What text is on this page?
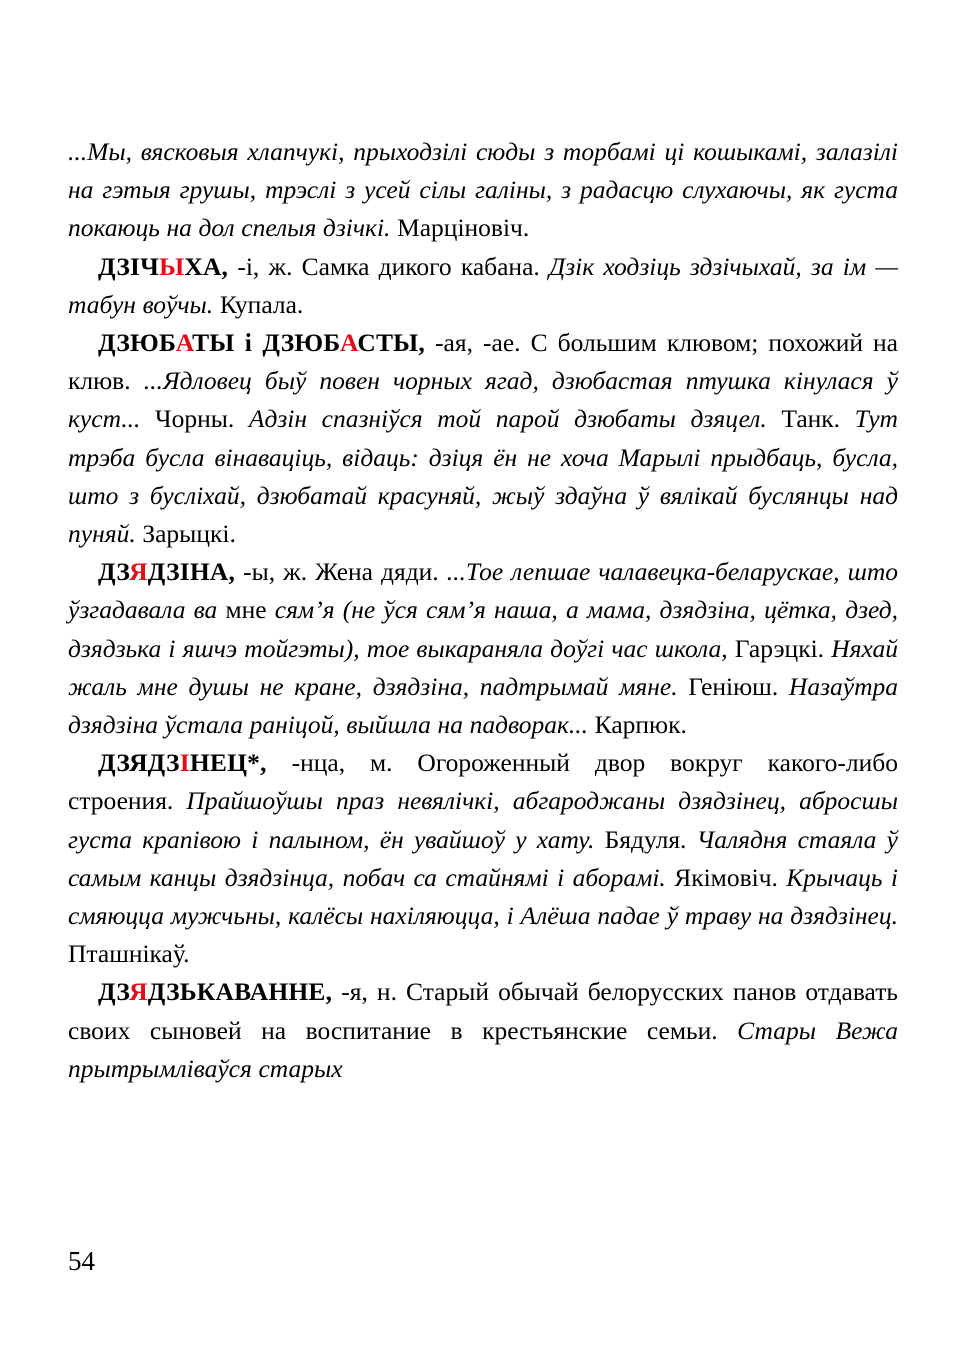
...Мы, вясковыя хлапчукі, прыходзілі сюды з торбамі ці кошыкамі, залазілі на гэтыя грушы, трэслі з усей сілы галіны, з радасцю слухаючы, як густа покаюць на дол спелыя дзічкі. Марціновіч.

ДЗІЧЫХА, -і, ж. Самка дикого кабана. Дзік ходзіць здзічыхай, за ім — табун воўчы. Купала.

ДЗЮБАТЫ і ДЗЮБАСТЫ, -ая, -ае. С большим клювом; похожий на клюв. ...Ядловец быў повен чорных ягад, дзюбастая птушка кінулася ў куст... Чорны. Адзін спазніўся той парой дзюбаты дзяцел. Танк. Тут трэба бусла вінаваціць, відаць: дзіця ён не хоча Марылі прыдбаць, бусла, што з бусліхай, дзюбатай красуняй, жыў здаўна ў вялікай буслянцы над пуняй. Зарыцкі.

ДЗЯДЗІНА, -ы, ж. Жена дяди. ...Тое лепшае чалавецка-беларускае, што ўзгадавала ва мне сям’я (не ўся сям’я наша, а мама, дзядзіна, цётка, дзед, дзядзька і яшчэ тойгэты), тое выкараняла доўгі час школа, Гарэцкі. Няхай жаль мне душы не кране, дзядзіна, падтрымай мяне. Геніюш. Назаўтра дзядзіна ўстала раніцой, выйшла на падворак... Карпюк.

ДЗЯДЗІНЕЦ*, -нца, м. Огороженный двор вокруг какого-либо строения. Прайшоўшы праз невялічкі, абгароджаны дзядзінец, абросшы густа крапівою і палыном, ён увайшоў у хату. Бядуля. Чалядня стаяла ў самым канцы дзядзінца, побач са стайнямі і аборамі. Якімовіч. Крычаць і смяюцца мужчьны, калёсы нахіляюцца, і Алёша падае ў траву на дзядзінец. Пташнікаў.

ДЗЯДЗЬКАВАННЕ, -я, н. Старый обычай белорусских панов отдавать своих сыновей на воспитание в крестьянские семьи. Стары Вежа прытрымліваўся старых

54
